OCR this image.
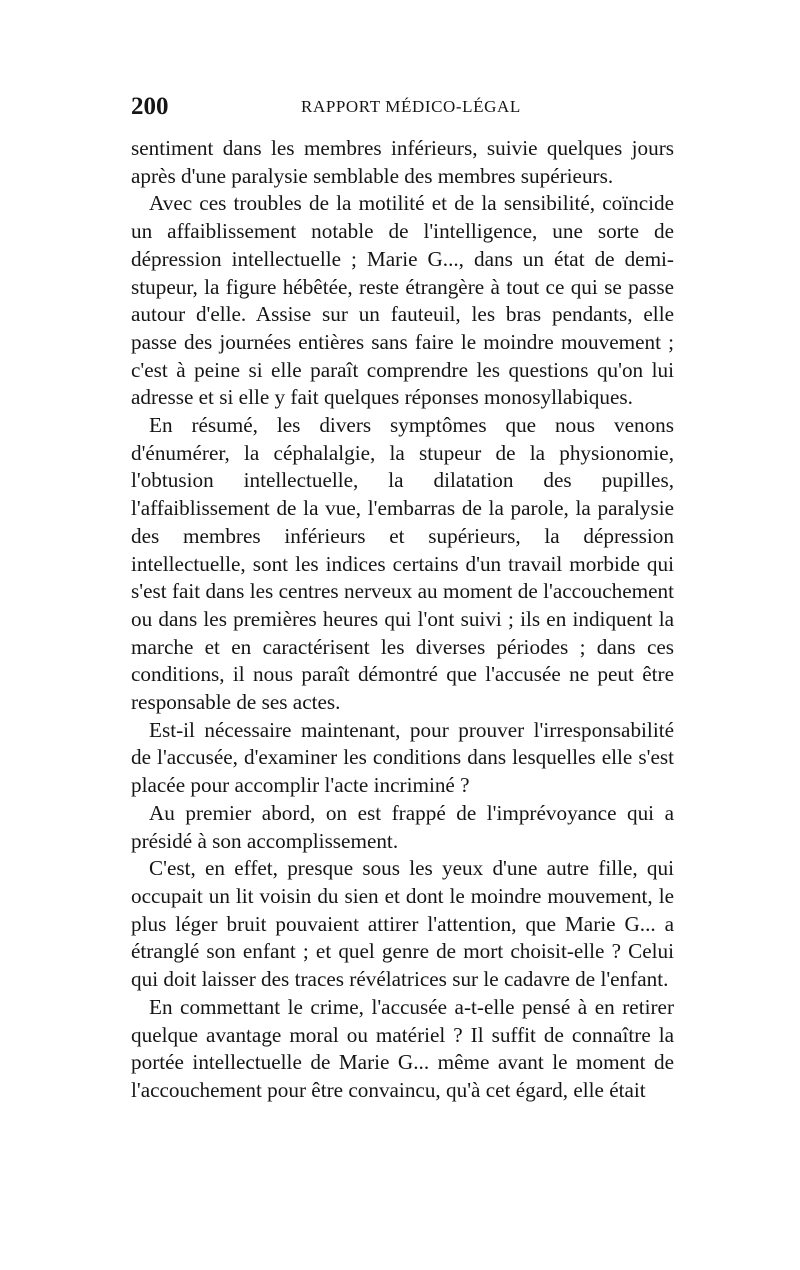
200	RAPPORT MÉDICO-LÉGAL

sentiment dans les membres inférieurs, suivie quelques jours après d'une paralysie semblable des membres supérieurs.

Avec ces troubles de la motilité et de la sensibilité, coïncide un affaiblissement notable de l'intelligence, une sorte de dépression intellectuelle ; Marie G..., dans un état de demi-stupeur, la figure hébêtée, reste étrangère à tout ce qui se passe autour d'elle. Assise sur un fauteuil, les bras pendants, elle passe des journées entières sans faire le moindre mouvement ; c'est à peine si elle paraît comprendre les questions qu'on lui adresse et si elle y fait quelques réponses monosyllabiques.

En résumé, les divers symptômes que nous venons d'énumérer, la céphalalgie, la stupeur de la physionomie, l'obtusion intellectuelle, la dilatation des pupilles, l'affaiblissement de la vue, l'embarras de la parole, la paralysie des membres inférieurs et supérieurs, la dépression intellectuelle, sont les indices certains d'un travail morbide qui s'est fait dans les centres nerveux au moment de l'accouchement ou dans les premières heures qui l'ont suivi ; ils en indiquent la marche et en caractérisent les diverses périodes ; dans ces conditions, il nous paraît démontré que l'accusée ne peut être responsable de ses actes.

Est-il nécessaire maintenant, pour prouver l'irresponsabilité de l'accusée, d'examiner les conditions dans lesquelles elle s'est placée pour accomplir l'acte incriminé ?

Au premier abord, on est frappé de l'imprévoyance qui a présidé à son accomplissement.

C'est, en effet, presque sous les yeux d'une autre fille, qui occupait un lit voisin du sien et dont le moindre mouvement, le plus léger bruit pouvaient attirer l'attention, que Marie G... a étranglé son enfant ; et quel genre de mort choisit-elle ? Celui qui doit laisser des traces révélatrices sur le cadavre de l'enfant.

En commettant le crime, l'accusée a-t-elle pensé à en retirer quelque avantage moral ou matériel ? Il suffit de connaître la portée intellectuelle de Marie G... même avant le moment de l'accouchement pour être convaincu, qu'à cet égard, elle était
